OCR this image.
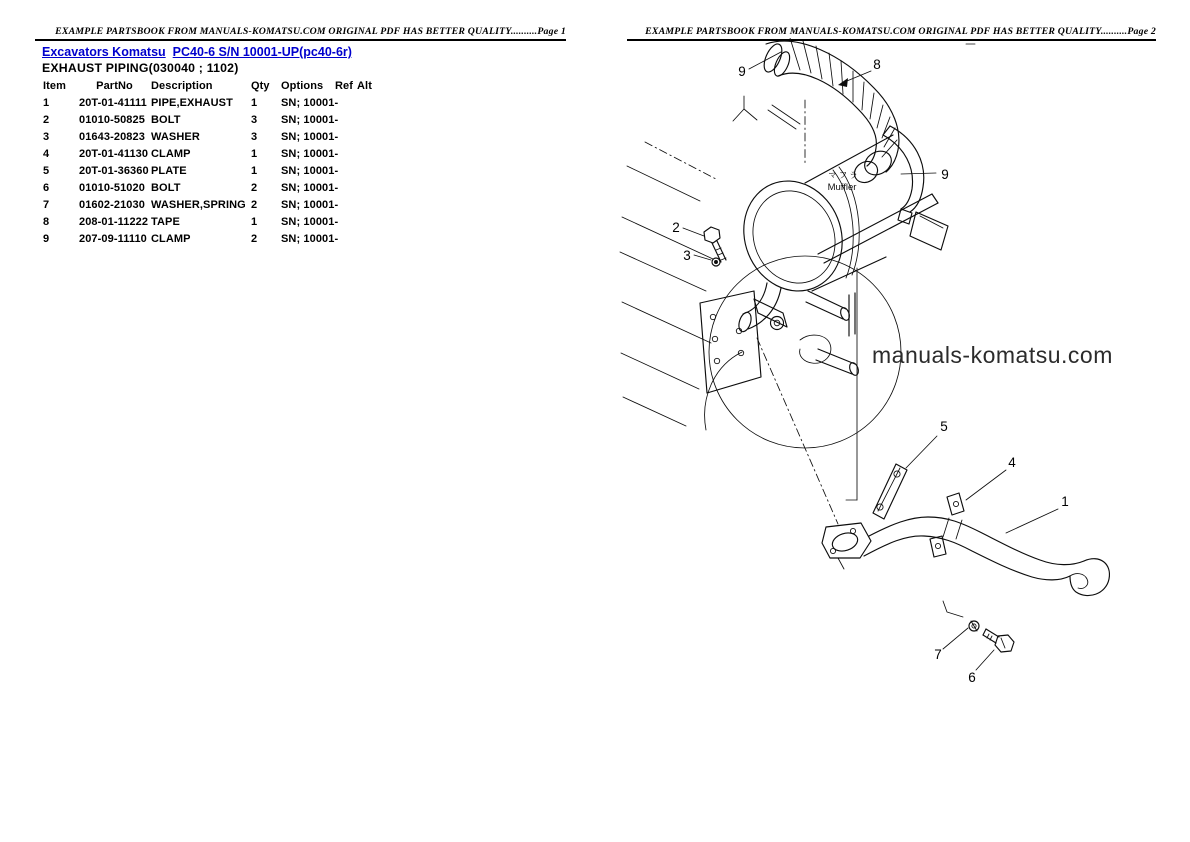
EXAMPLE PARTSBOOK FROM MANUALS-KOMATSU.COM ORIGINAL PDF HAS BETTER QUALITY..........Page 1	EXAMPLE PARTSBOOK FROM MANUALS-KOMATSU.COM ORIGINAL PDF HAS BETTER QUALITY..........Page 2
Excavators Komatsu PC40-6 S/N 10001-UP(pc40-6r)
EXHAUST PIPING(030040 ; 1102)
Item	PartNo	Description	Qty	Options	Ref Alt
1	20T-01-41111 PIPE,EXHAUST	1	SN; 10001-
2	01010-50825 BOLT	3	SN; 10001-
3	01643-20823 WASHER	3	SN; 10001-
4	20T-01-41130 CLAMP	1	SN; 10001-
5	20T-01-36360 PLATE	1	SN; 10001-
6	01010-51020 BOLT	2	SN; 10001-
7	01602-21030 WASHER,SPRING 2	SN; 10001-
8	208-01-11222 TAPE	1	SN; 10001-
9	207-09-11110 CLAMP	2	SN; 10001-
9	8
9
2
3
5
4
1
7
6
マフラ
Muffler
manuals-komatsu.com
